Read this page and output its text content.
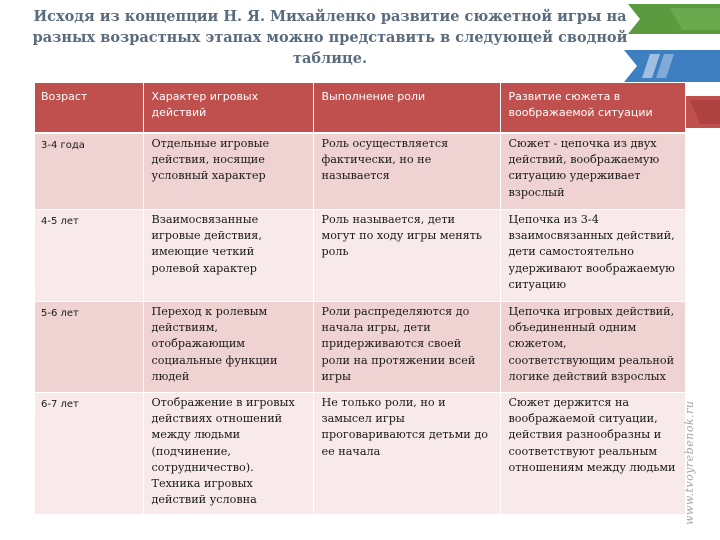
Исходя из концепции Н. Я. Михайленко развитие сюжетной игры на разных возрастных этапах можно представить в следующей сводной таблице.
Возраст	Характер игровых действий	Выполнение роли	Развитие сюжета в воображаемой ситуации
3-4 года	Отдельные игровые действия, носящие условный характер	Роль осуществляется фактически, но не называется	Сюжет - цепочка из двух действий, воображаемую ситуацию удерживает взрослый
4-5 лет	Взаимосвязанные игровые действия, имеющие четкий ролевой характер	Роль называется, дети могут по ходу игры менять роль	Цепочка из 3-4 взаимосвязанных действий, дети самостоятельно удерживают воображаемую ситуацию
5-6 лет	Переход к ролевым действиям, отображающим социальные функции людей	Роли распределяются до начала игры, дети придерживаются своей роли на протяжении всей игры	Цепочка игровых действий, объединенный одним сюжетом, соответствующим реальной логике действий взрослых
6-7 лет	Отображение в игровых действиях отношений между людьми (подчинение, сотрудничество). Техника игровых действий условна	Не только роли, но и замысел игры проговариваются детьми до ее начала	Сюжет держится на воображаемой ситуации, действия разнообразны и соответствуют реальным отношениям между людьми www.tvoyrebenok.ru
